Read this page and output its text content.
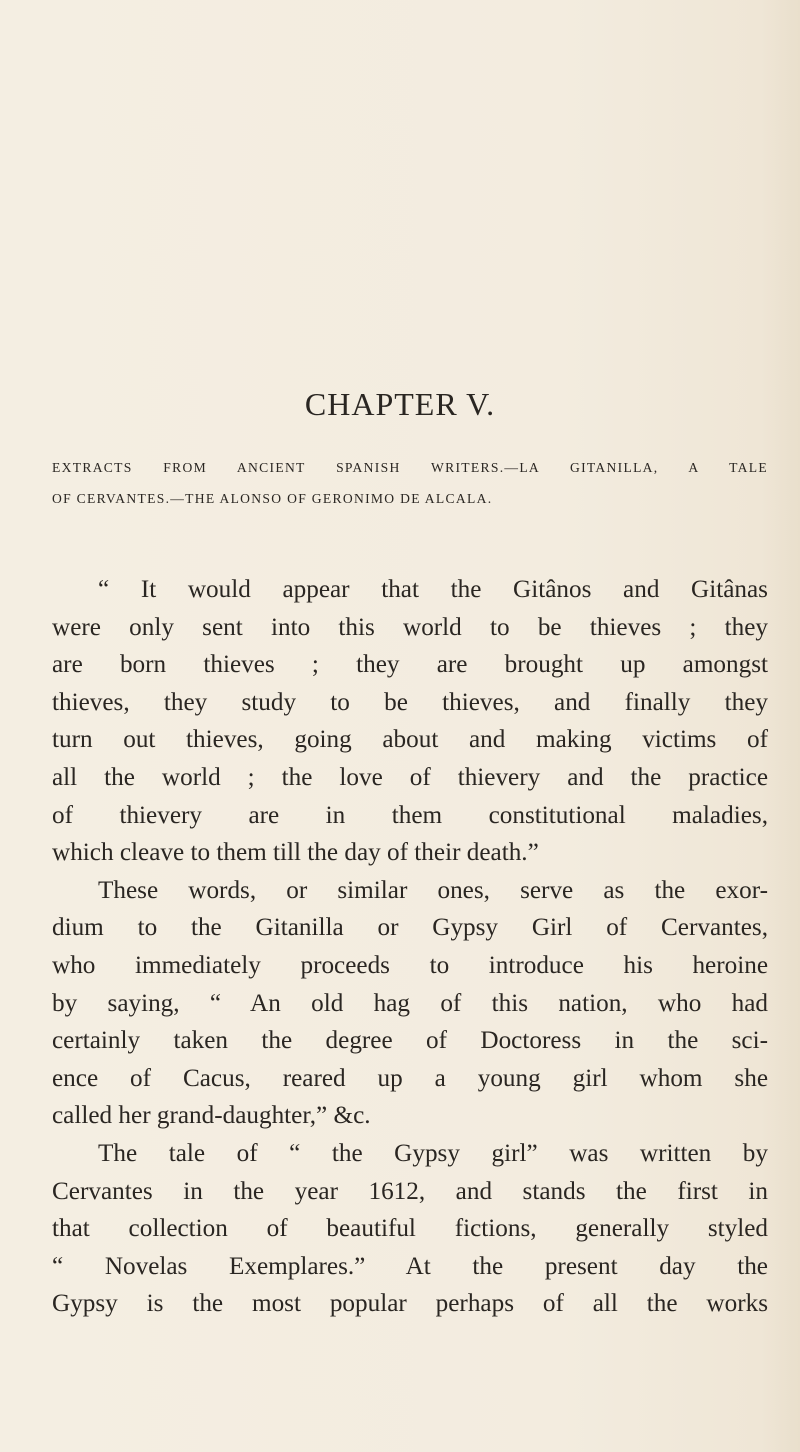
CHAPTER V.
EXTRACTS FROM ANCIENT SPANISH WRITERS.—LA GITANILLA, A TALE
OF CERVANTES.—THE ALONSO OF GERONIMO DE ALCALA.
“ It would appear that the Gitânos and Gitânas
were only sent into this world to be thieves ; they
are born thieves ; they are brought up amongst
thieves, they study to be thieves, and finally they
turn out thieves, going about and making victims of
all the world ; the love of thievery and the practice
of thievery are in them constitutional maladies,
which cleave to them till the day of their death.”
These words, or similar ones, serve as the exor-
dium to the Gitanilla or Gypsy Girl of Cervantes,
who immediately proceeds to introduce his heroine
by saying, “ An old hag of this nation, who had
certainly taken the degree of Doctoress in the sci-
ence of Cacus, reared up a young girl whom she
called her grand-daughter,” &c.
The tale of “ the Gypsy girl” was written by
Cervantes in the year 1612, and stands the first in
that collection of beautiful fictions, generally styled
“ Novelas Exemplares.” At the present day the
Gypsy is the most popular perhaps of all the works
